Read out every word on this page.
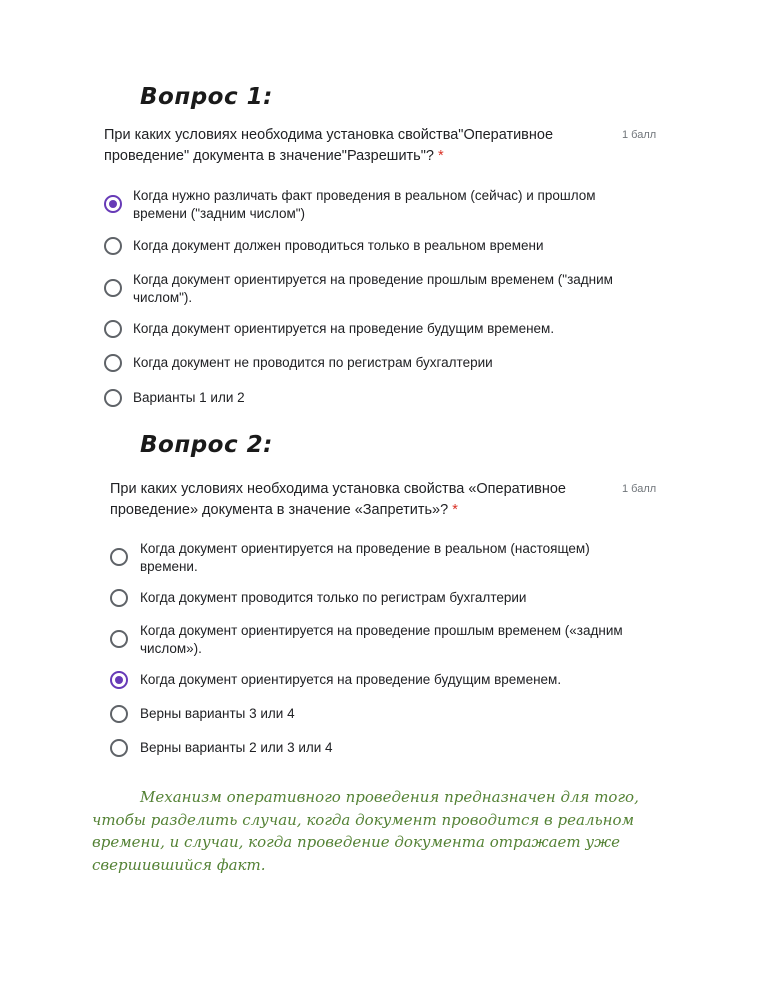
Вопрос 1:
При каких условиях необходима установка свойства"Оперативное проведение" документа в значение"Разрешить"? *
1 балл
Когда нужно различать факт проведения в реальном (сейчас) и прошлом времени ("задним числом")
Когда документ должен проводиться только в реальном времени
Когда документ ориентируется на проведение прошлым временем ("задним числом").
Когда документ ориентируется на проведение будущим временем.
Когда документ не проводится по регистрам бухгалтерии
Варианты 1 или 2
Вопрос 2:
При каких условиях необходима установка свойства «Оперативное проведение» документа в значение «Запретить»? *
1 балл
Когда документ ориентируется на проведение в реальном (настоящем) времени.
Когда документ проводится только по регистрам бухгалтерии
Когда документ ориентируется на проведение прошлым временем («задним числом»).
Когда документ ориентируется на проведение будущим временем.
Верны варианты 3 или 4
Верны варианты 2 или 3 или 4
Механизм оперативного проведения предназначен для того, чтобы разделить случаи, когда документ проводится в реальном времени, и случаи, когда проведение документа отражает уже свершившийся факт.
